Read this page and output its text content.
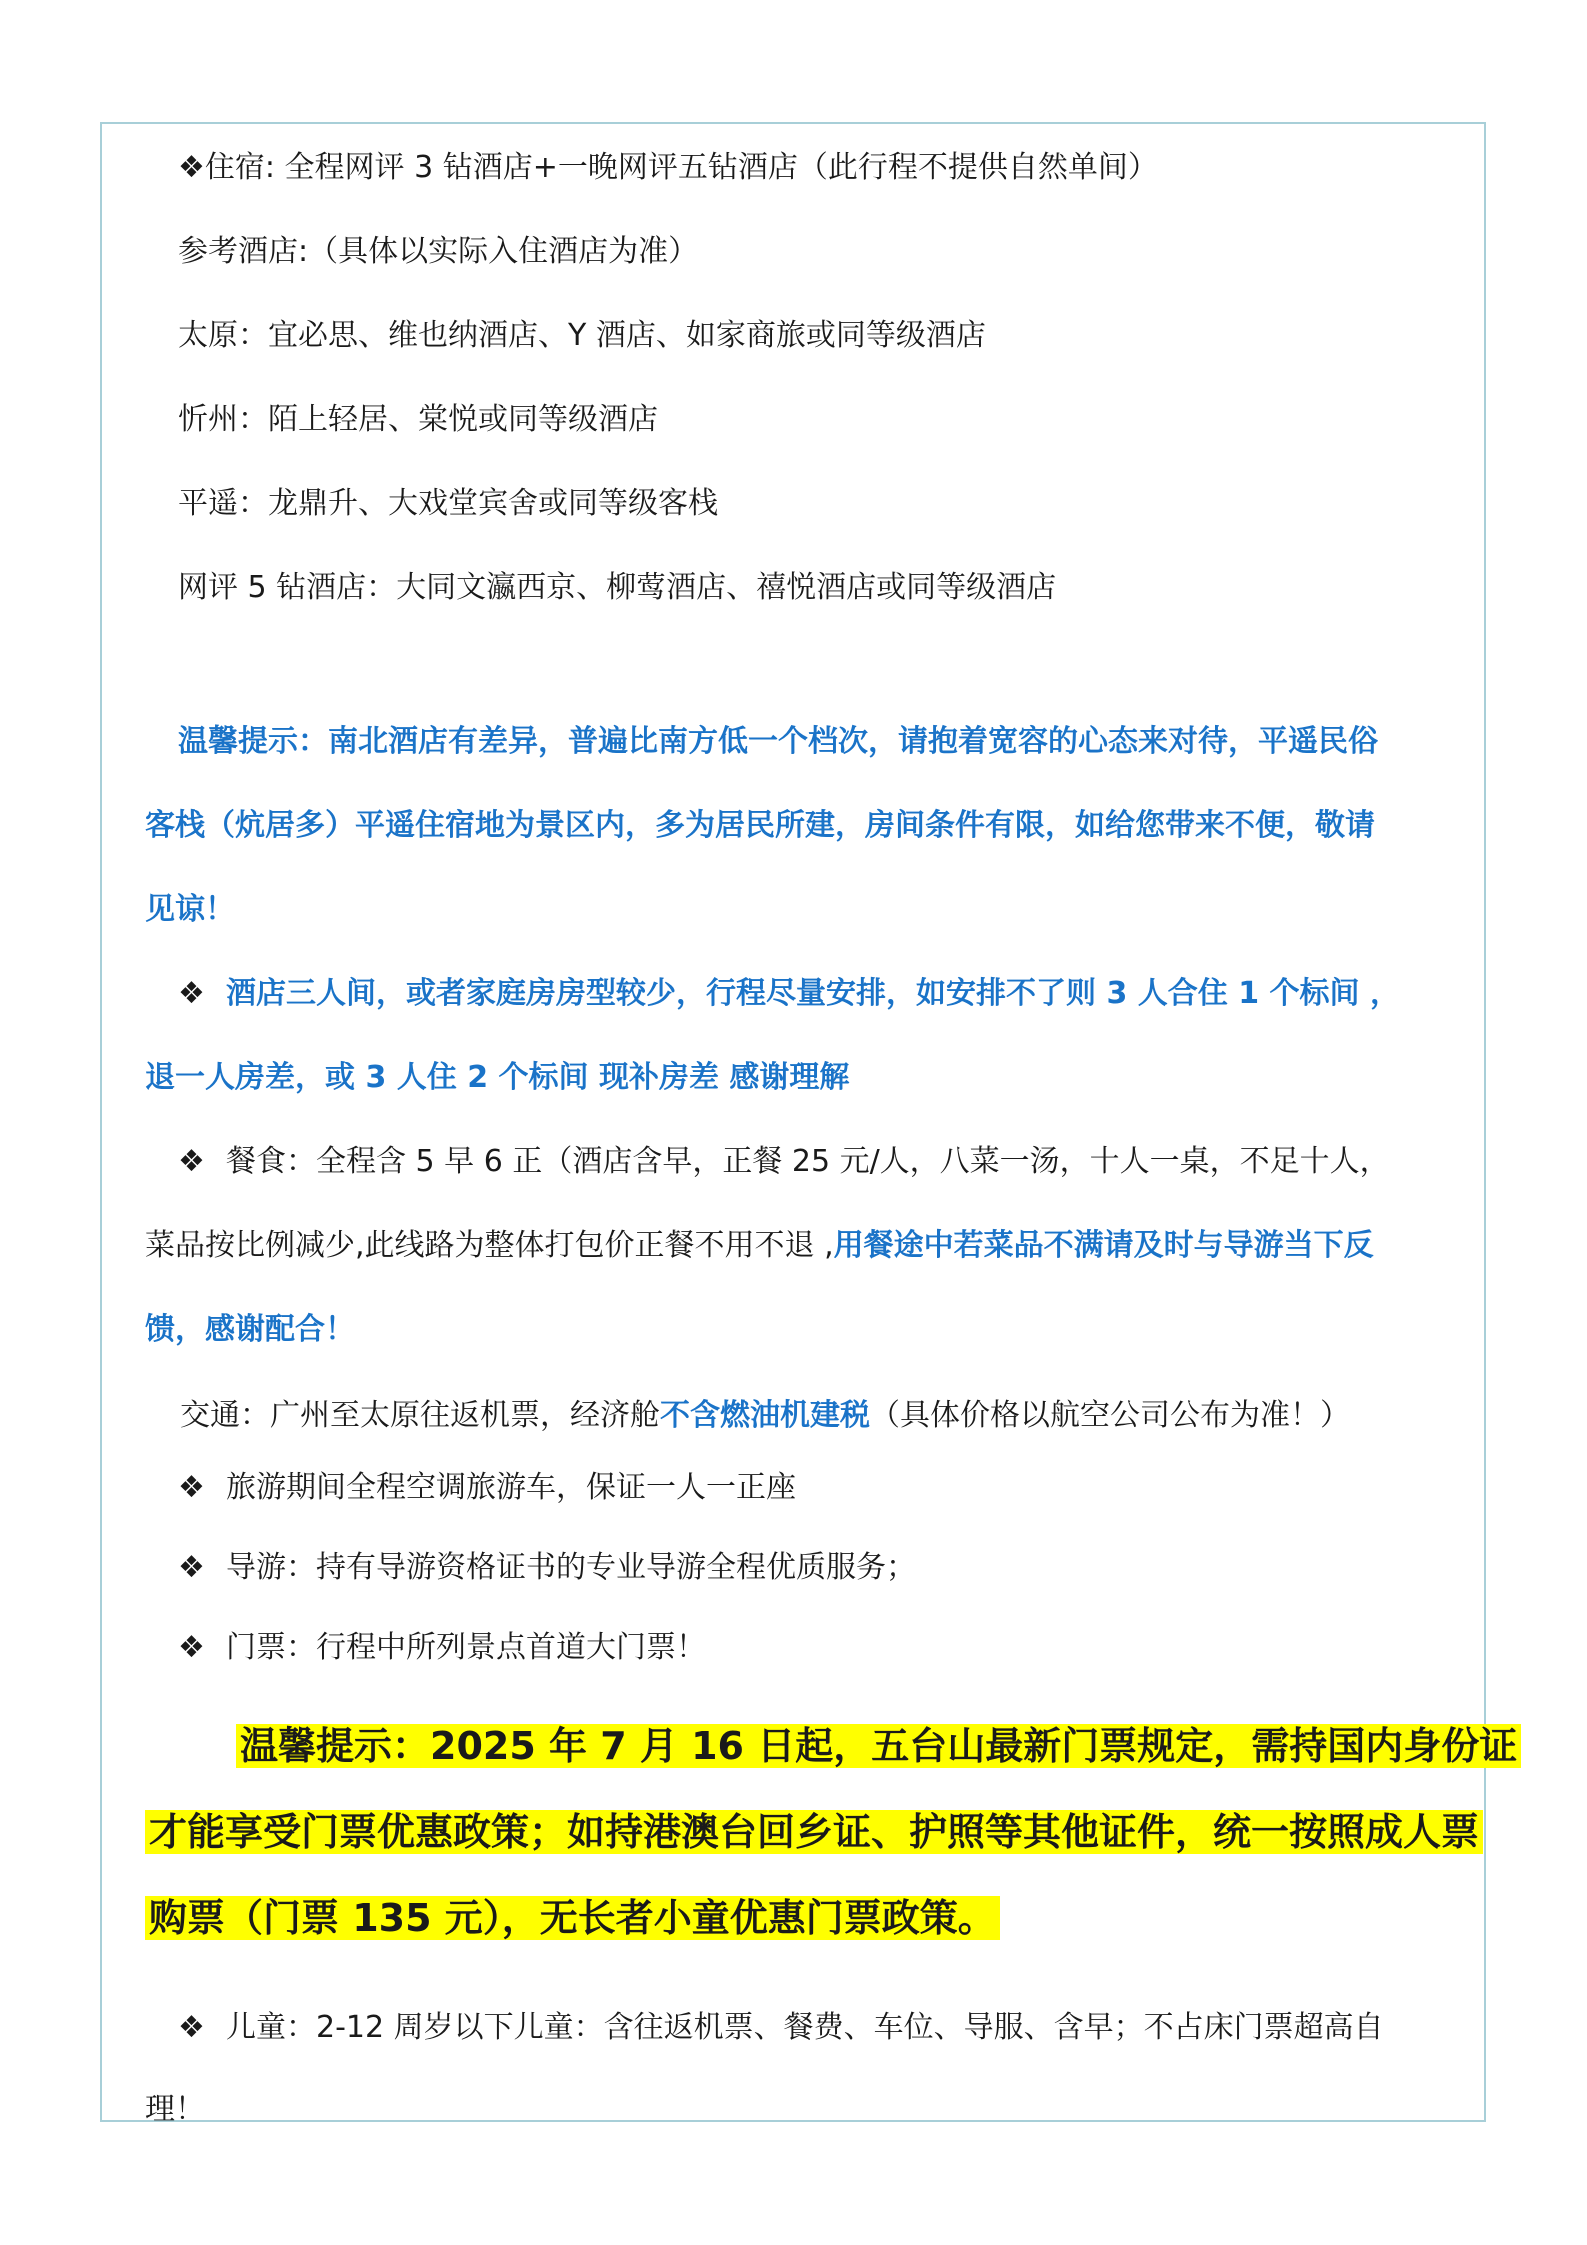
❖住宿: 全程网评 3 钻酒店+一晚网评五钻酒店（此行程不提供自然单间）
参考酒店:（具体以实际入住酒店为准）
太原：宜必思、维也纳酒店、Y 酒店、如家商旅或同等级酒店
忻州：陌上轻居、棠悦或同等级酒店
平遥：龙鼎升、大戏堂宾舍或同等级客栈
网评 5 钻酒店：大同文瀛西京、柳莺酒店、禧悦酒店或同等级酒店
温馨提示：南北酒店有差异，普遍比南方低一个档次，请抱着宽容的心态来对待，平遥民俗
客栈（炕居多）平遥住宿地为景区内，多为居民所建，房间条件有限，如给您带来不便，敬请
见谅！
❖ 酒店三人间，或者家庭房房型较少，行程尽量安排，如安排不了则 3 人合住 1 个标间 ，
退一人房差，或 3 人住 2 个标间 现补房差 感谢理解
❖ 餐食：全程含 5 早 6 正（酒店含早，正餐 25 元/人，八菜一汤，十人一桌，不足十人，
菜品按比例减少,此线路为整体打包价正餐不用不退 ,用餐途中若菜品不满请及时与导游当下反
馈，感谢配合！
交通：广州至太原往返机票，经济舱不含燃油机建税（具体价格以航空公司公布为准！）
❖ 旅游期间全程空调旅游车，保证一人一正座
❖ 导游：持有导游资格证书的专业导游全程优质服务；
❖ 门票：行程中所列景点首道大门票！
温馨提示：2025 年 7 月 16 日起，五台山最新门票规定，需持国内身份证
才能享受门票优惠政策；如持港澳台回乡证、护照等其他证件，统一按照成人票
购票（门票 135 元），无长者小童优惠门票政策。
❖ 儿童：2-12 周岁以下儿童：含往返机票、餐费、车位、导服、含早；不占床门票超高自
理！
